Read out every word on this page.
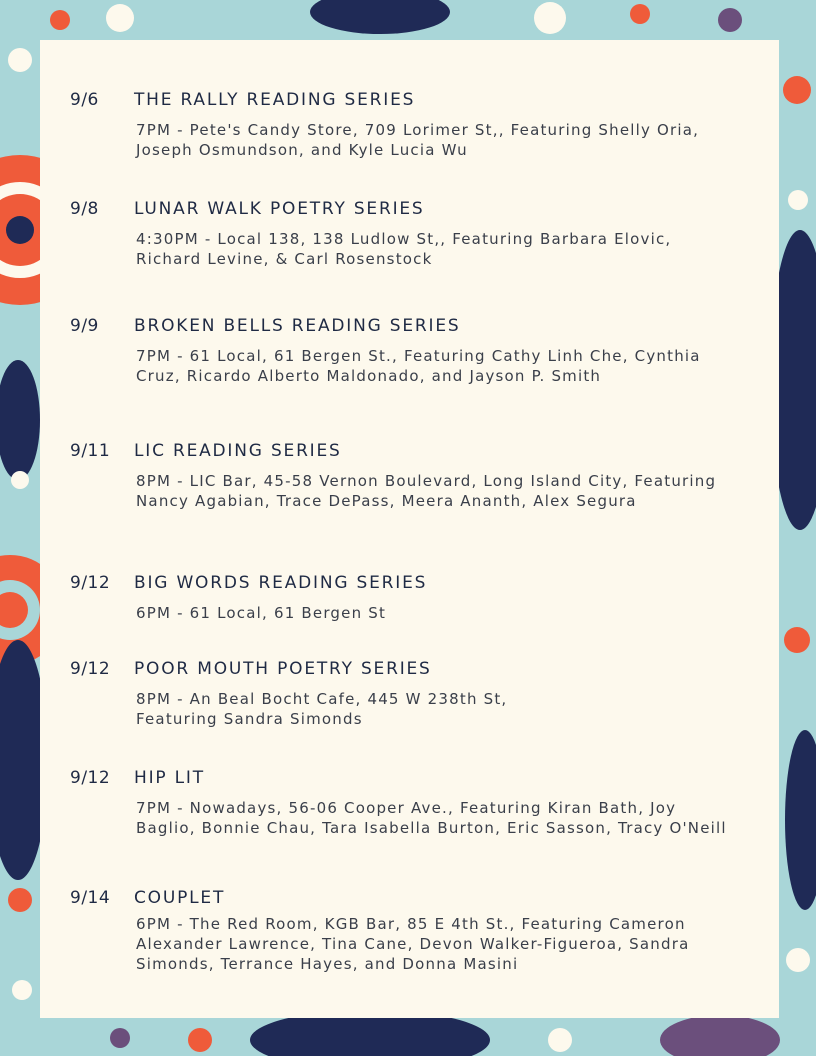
9/6 THE RALLY READING SERIES
7PM - Pete's Candy Store, 709 Lorimer St,, Featuring Shelly Oria, Joseph Osmundson, and Kyle Lucia Wu
9/8 LUNAR WALK POETRY SERIES
4:30PM - Local 138, 138 Ludlow St,, Featuring Barbara Elovic, Richard Levine, & Carl Rosenstock
9/9 BROKEN BELLS READING SERIES
7PM - 61 Local, 61 Bergen St., Featuring Cathy Linh Che, Cynthia Cruz, Ricardo Alberto Maldonado, and Jayson P. Smith
9/11 LIC READING SERIES
8PM - LIC Bar, 45-58 Vernon Boulevard, Long Island City, Featuring Nancy Agabian, Trace DePass, Meera Ananth, Alex Segura
9/12 BIG WORDS READING SERIES
6PM - 61 Local, 61 Bergen St
9/12 POOR MOUTH POETRY SERIES
8PM - An Beal Bocht Cafe, 445 W 238th St, Featuring Sandra Simonds
9/12 HIP LIT
7PM - Nowadays, 56-06 Cooper Ave., Featuring Kiran Bath, Joy Baglio, Bonnie Chau, Tara Isabella Burton, Eric Sasson, Tracy O'Neill
9/14 COUPLET
6PM - The Red Room, KGB Bar, 85 E 4th St., Featuring Cameron Alexander Lawrence, Tina Cane, Devon Walker-Figueroa, Sandra Simonds, Terrance Hayes, and Donna Masini
